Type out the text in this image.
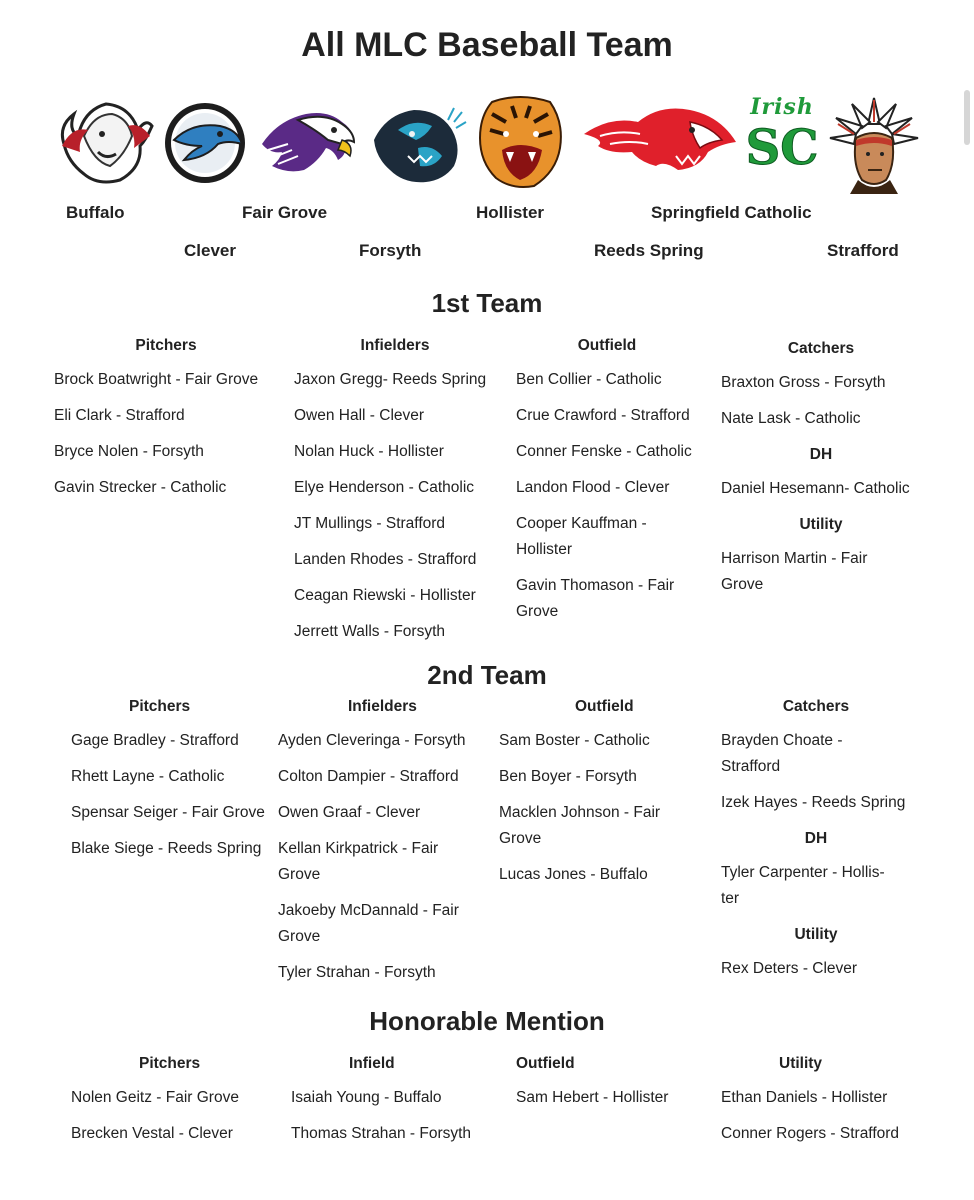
All MLC Baseball Team
Irish
SC
Buffalo	Fair Grove	Hollister	Springfield Catholic
Clever	Forsyth	Reeds Spring	Strafford
1st Team
Pitchers
Brock Boatwright - Fair Grove
Eli Clark - Strafford
Bryce Nolen - Forsyth
Gavin Strecker - Catholic
Infielders
Jaxon Gregg- Reeds Spring
Owen Hall - Clever
Nolan Huck - Hollister
Elye Henderson - Catholic
JT Mullings - Strafford
Landen Rhodes - Strafford
Ceagan Riewski - Hollister
Jerrett Walls - Forsyth
Outfield
Ben Collier - Catholic
Crue Crawford - Strafford
Conner Fenske - Catholic
Landon Flood - Clever
Cooper Kauffman - Hollister
Gavin Thomason - Fair Grove
Catchers
Braxton Gross - Forsyth
Nate Lask - Catholic
DH
Daniel Hesemann- Catholic
Utility
Harrison Martin - Fair Grove
2nd Team
Pitchers
Gage Bradley - Strafford
Rhett Layne - Catholic
Spensar Seiger - Fair Grove
Blake Siege - Reeds Spring
Infielders
Ayden Cleveringa - Forsyth
Colton Dampier - Strafford
Owen Graaf - Clever
Kellan Kirkpatrick - Fair Grove
Jakoeby McDannald - Fair Grove
Tyler Strahan - Forsyth
Outfield
Sam Boster - Catholic
Ben Boyer - Forsyth
Macklen Johnson - Fair Grove
Lucas Jones - Buffalo
Catchers
Brayden Choate - Strafford
Izek Hayes - Reeds Spring
DH
Tyler Carpenter - Hollis-ter
Utility
Rex Deters - Clever
Honorable Mention
Pitchers
Nolen Geitz - Fair Grove
Brecken Vestal - Clever
Infield
Isaiah Young - Buffalo
Thomas Strahan - Forsyth
Outfield
Sam Hebert - Hollister
Utility
Ethan Daniels - Hollister
Conner Rogers - Strafford
